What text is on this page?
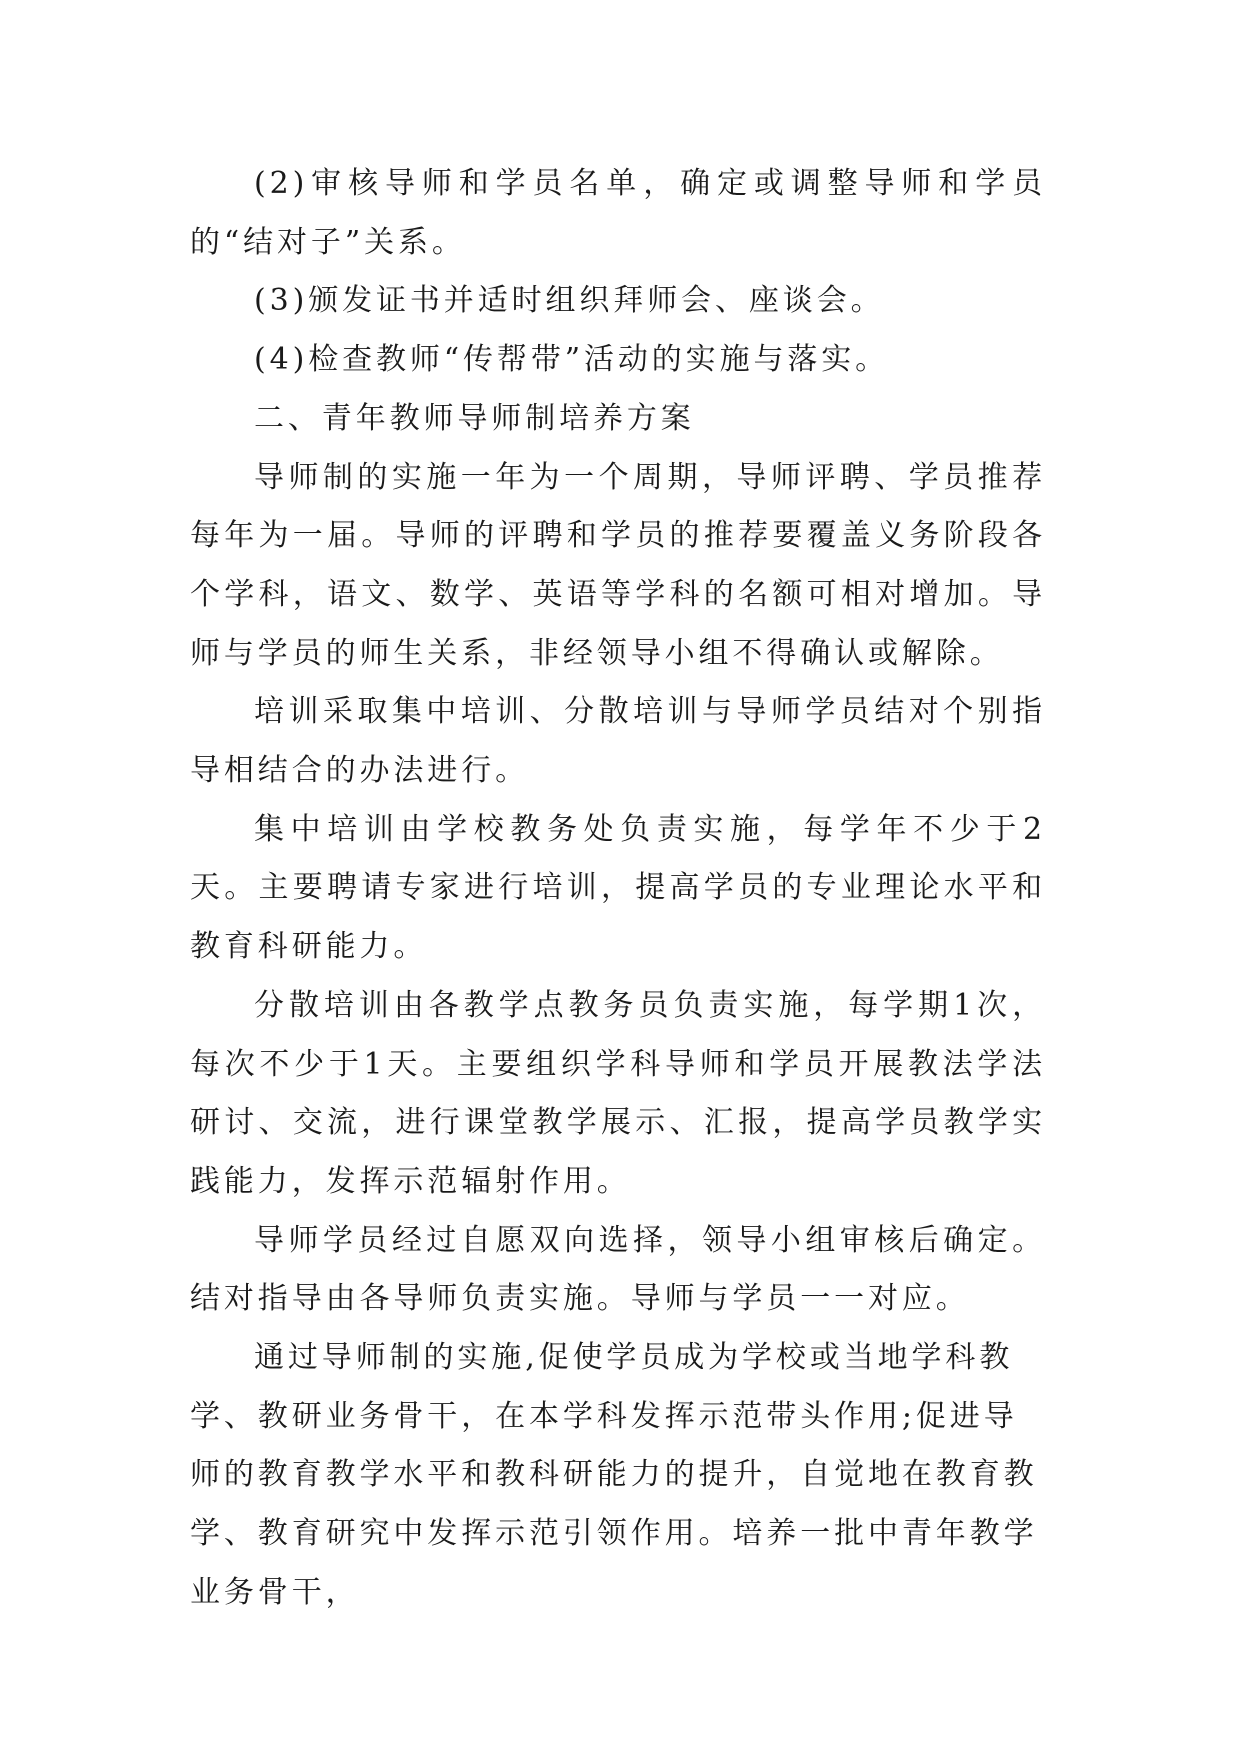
(2)审核导师和学员名单，确定或调整导师和学员的“结对子”关系。

(3)颁发证书并适时组织拜师会、座谈会。

(4)检查教师“传帮带”活动的实施与落实。

二、青年教师导师制培养方案

导师制的实施一年为一个周期，导师评聘、学员推荐每年为一届。导师的评聘和学员的推荐要覆盖义务阶段各个学科，语文、数学、英语等学科的名额可相对增加。导师与学员的师生关系，非经领导小组不得确认或解除。

培训采取集中培训、分散培训与导师学员结对个别指导相结合的办法进行。

集中培训由学校教务处负责实施，每学年不少于2天。主要聘请专家进行培训，提高学员的专业理论水平和教育科研能力。

分散培训由各教学点教务员负责实施，每学期1次，每次不少于1天。主要组织学科导师和学员开展教法学法研讨、交流，进行课堂教学展示、汇报，提高学员教学实践能力，发挥示范辐射作用。

导师学员经过自愿双向选择，领导小组审核后确定。结对指导由各导师负责实施。导师与学员一一对应。

通过导师制的实施,促使学员成为学校或当地学科教学、教研业务骨干，在本学科发挥示范带头作用;促进导师的教育教学水平和教科研能力的提升，自觉地在教育教学、教育研究中发挥示范引领作用。培养一批中青年教学业务骨干，
